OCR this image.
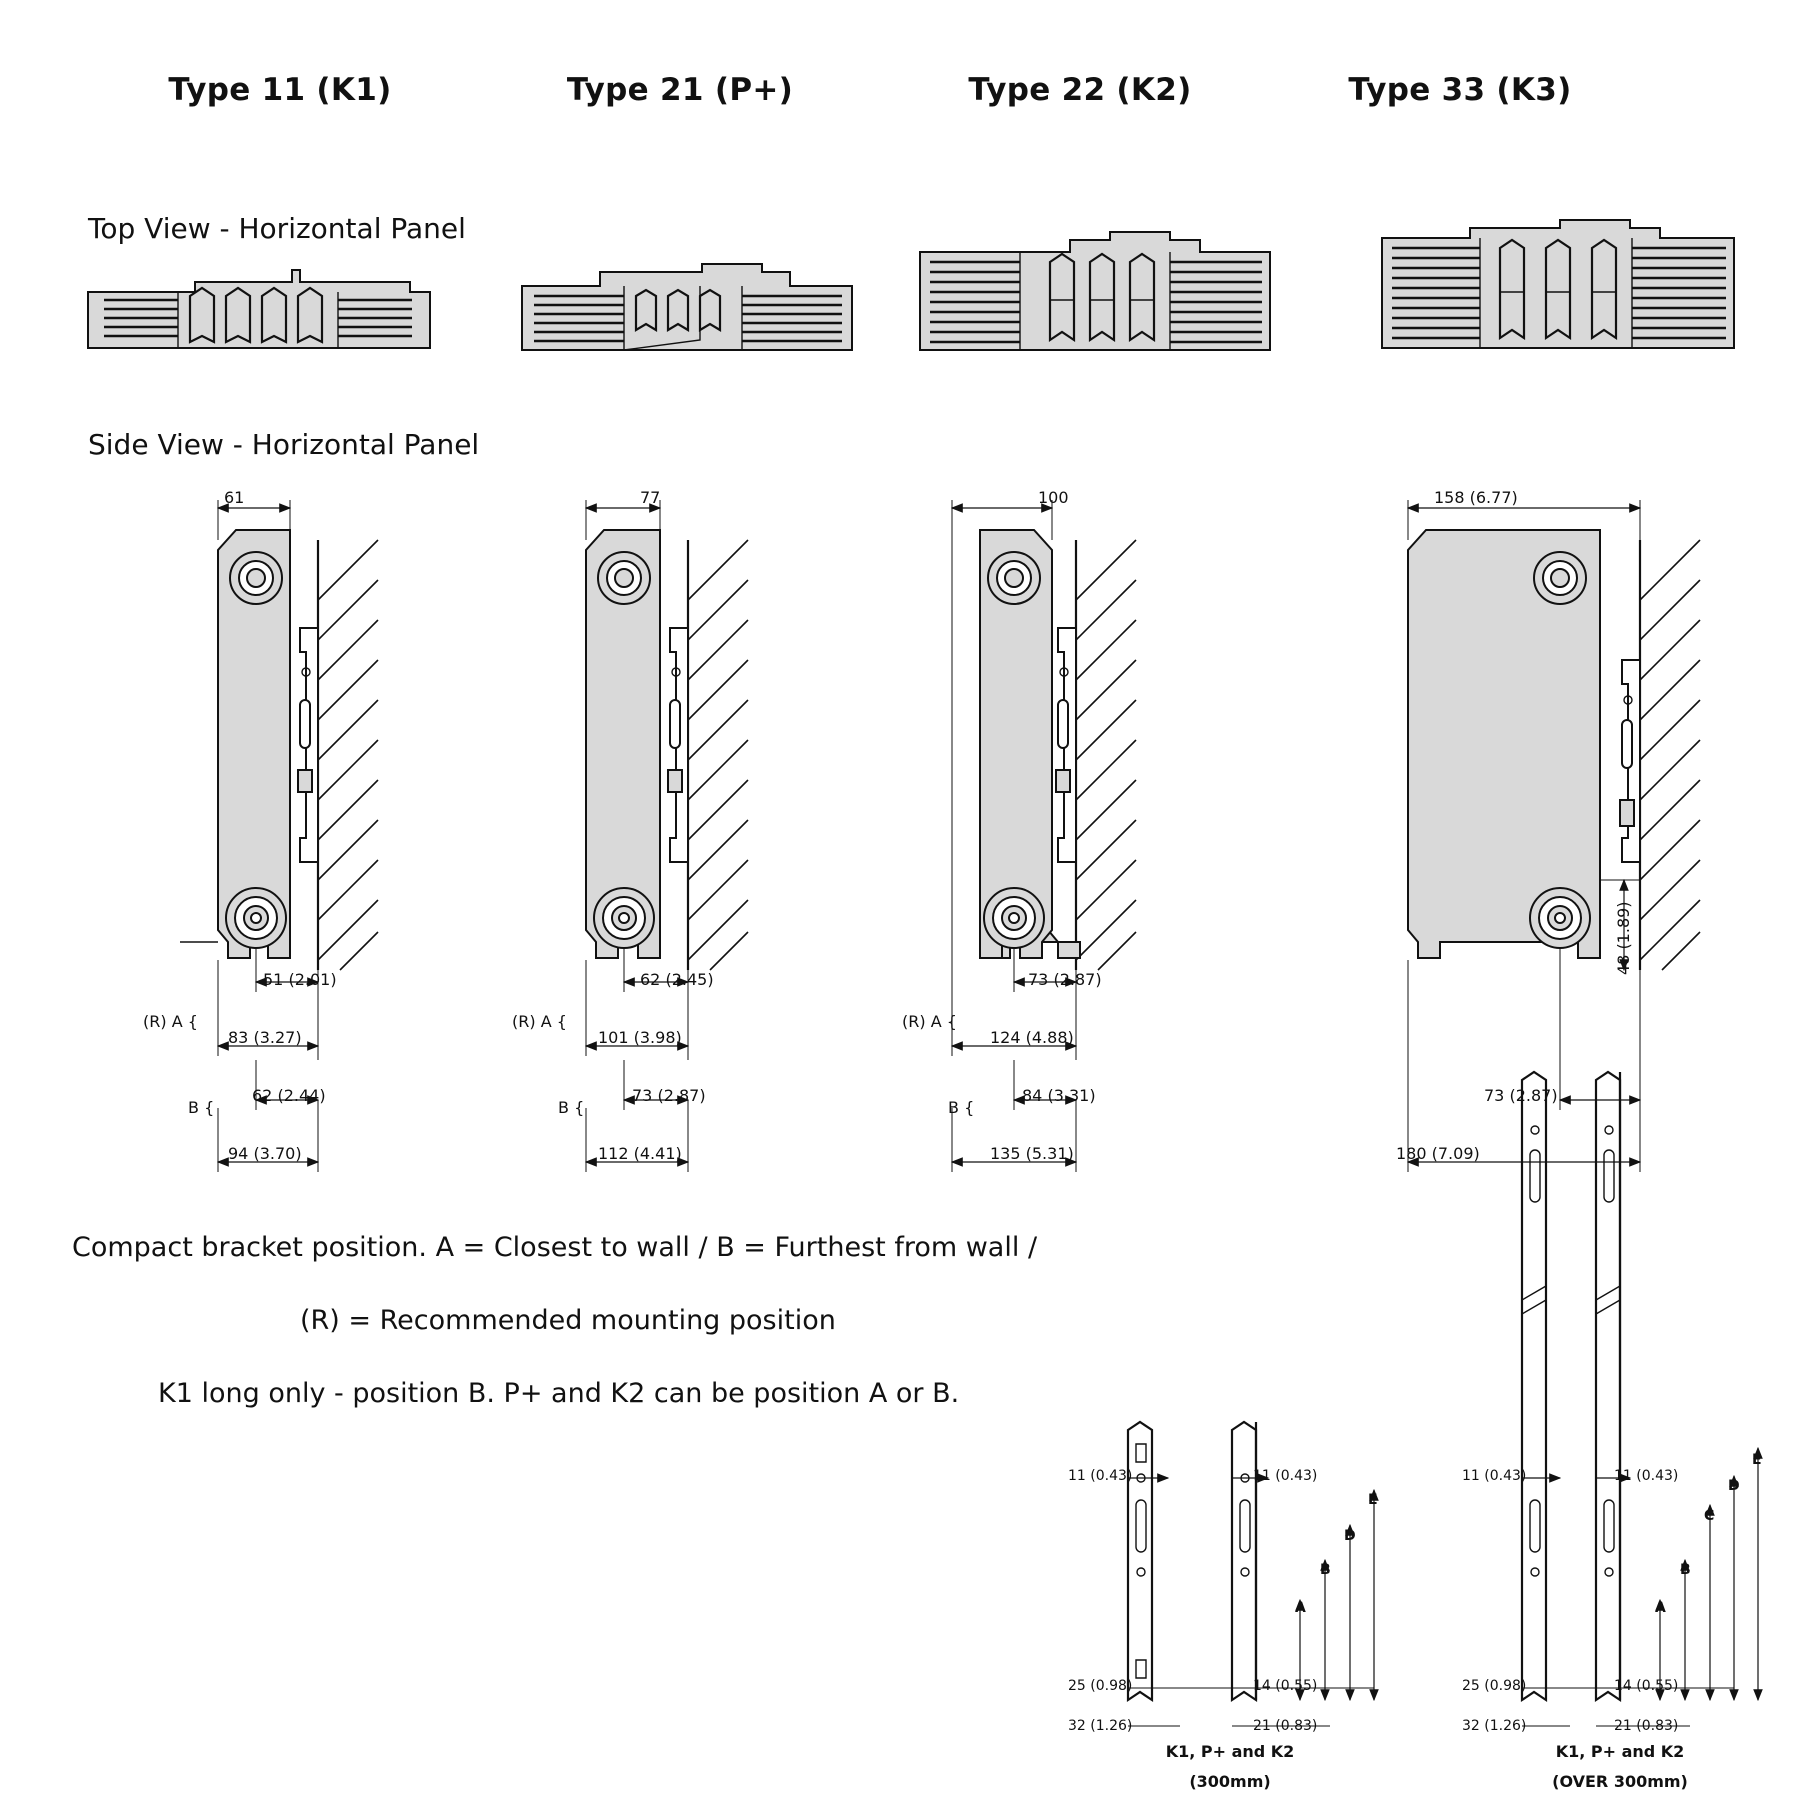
Type 11 (K1)	Type 21 (P+)	Type 22 (K2)	Type 33 (K3)
Top View - Horizontal Panel
Side View - Horizontal Panel
61
51 (2.01)
83 (3.27)
62 (2.44)
94 (3.70)
(R) A {
B {
77
62 (2.45)
101 (3.98)
73 (2.87)
112 (4.41)
(R) A {
B {
100
73 (2.87)
124 (4.88)
84 (3.31)
135 (5.31)
(R) A {
B {
158 (6.77)
48 (1.89)
73 (2.87)
180 (7.09)
Compact bracket position. A = Closest to wall / B = Furthest from wall /
(R) = Recommended mounting position
K1 long only - position B. P+ and K2 can be position A or B.
11 (0.43)	11 (0.43)
25 (0.98)
32 (1.26)
14 (0.55)
21 (0.83)
A
B
D
E
K1, P+ and K2
(300mm)
11 (0.43)	11 (0.43)
25 (0.98)
32 (1.26)
14 (0.55)
21 (0.83)
A
B
C
D
E
K1, P+ and K2
(OVER 300mm)
